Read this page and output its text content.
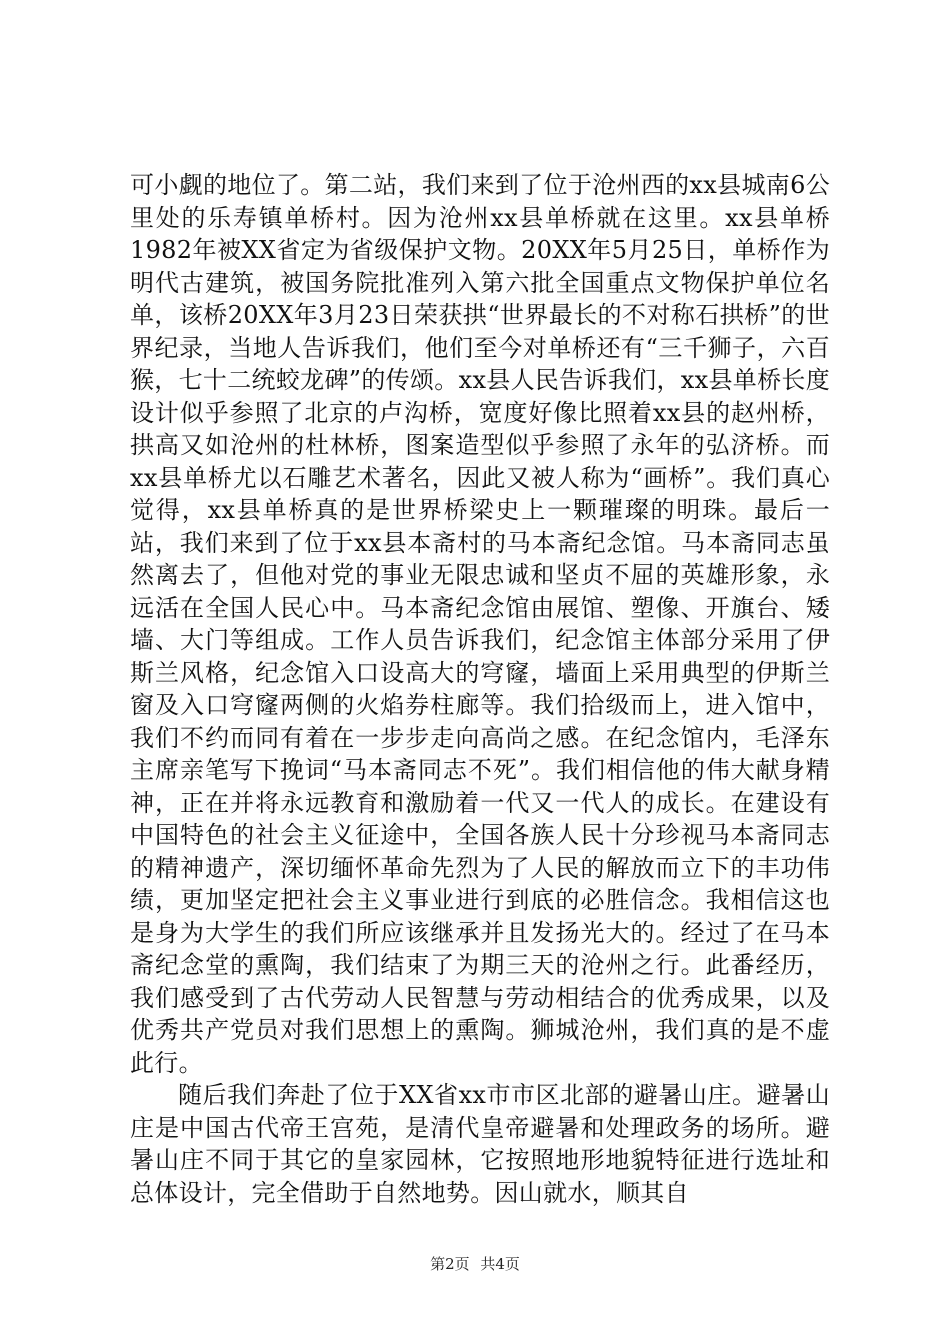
可小觑的地位了。第二站，我们来到了位于沧州西的xx县城南6公里处的乐寿镇单桥村。因为沧州xx县单桥就在这里。xx县单桥1982年被XX省定为省级保护文物。20XX年5月25日，单桥作为明代古建筑，被国务院批准列入第六批全国重点文物保护单位名单，该桥20XX年3月23日荣获拱“世界最长的不对称石拱桥”的世界纪录，当地人告诉我们，他们至今对单桥还有“三千狮子，六百猴，七十二统蛟龙碑”的传颂。xx县人民告诉我们，xx县单桥长度设计似乎参照了北京的卢沟桥，宽度好像比照着xx县的赵州桥，拱高又如沧州的杜林桥，图案造型似乎参照了永年的弘济桥。而xx县单桥尤以石雕艺术著名，因此又被人称为“画桥”。我们真心觉得，xx县单桥真的是世界桥梁史上一颗璀璨的明珠。最后一站，我们来到了位于xx县本斋村的马本斋纪念馆。马本斋同志虽然离去了，但他对党的事业无限忠诚和坚贞不屈的英雄形象，永远活在全国人民心中。马本斋纪念馆由展馆、塑像、开旗台、矮墙、大门等组成。工作人员告诉我们，纪念馆主体部分采用了伊斯兰风格，纪念馆入口设高大的穹窿，墙面上采用典型的伊斯兰窗及入口穹窿两侧的火焰券柱廊等。我们拾级而上，进入馆中，我们不约而同有着在一步步走向高尚之感。在纪念馆内，毛泽东主席亲笔写下挽词“马本斋同志不死”。我们相信他的伟大献身精神，正在并将永远教育和激励着一代又一代人的成长。在建设有中国特色的社会主义征途中，全国各族人民十分珍视马本斋同志的精神遗产，深切缅怀革命先烈为了人民的解放而立下的丰功伟绩，更加坚定把社会主义事业进行到底的必胜信念。我相信这也是身为大学生的我们所应该继承并且发扬光大的。经过了在马本斋纪念堂的熏陶，我们结束了为期三天的沧州之行。此番经历，我们感受到了古代劳动人民智慧与劳动相结合的优秀成果，以及优秀共产党员对我们思想上的熏陶。狮城沧州，我们真的是不虚此行。

随后我们奔赴了位于XX省xx市市区北部的避暑山庄。避暑山庄是中国古代帝王宫苑，是清代皇帝避暑和处理政务的场所。避暑山庄不同于其它的皇家园林，它按照地形地貌特征进行选址和总体设计，完全借助于自然地势。因山就水，顺其自

第2页 共4页
